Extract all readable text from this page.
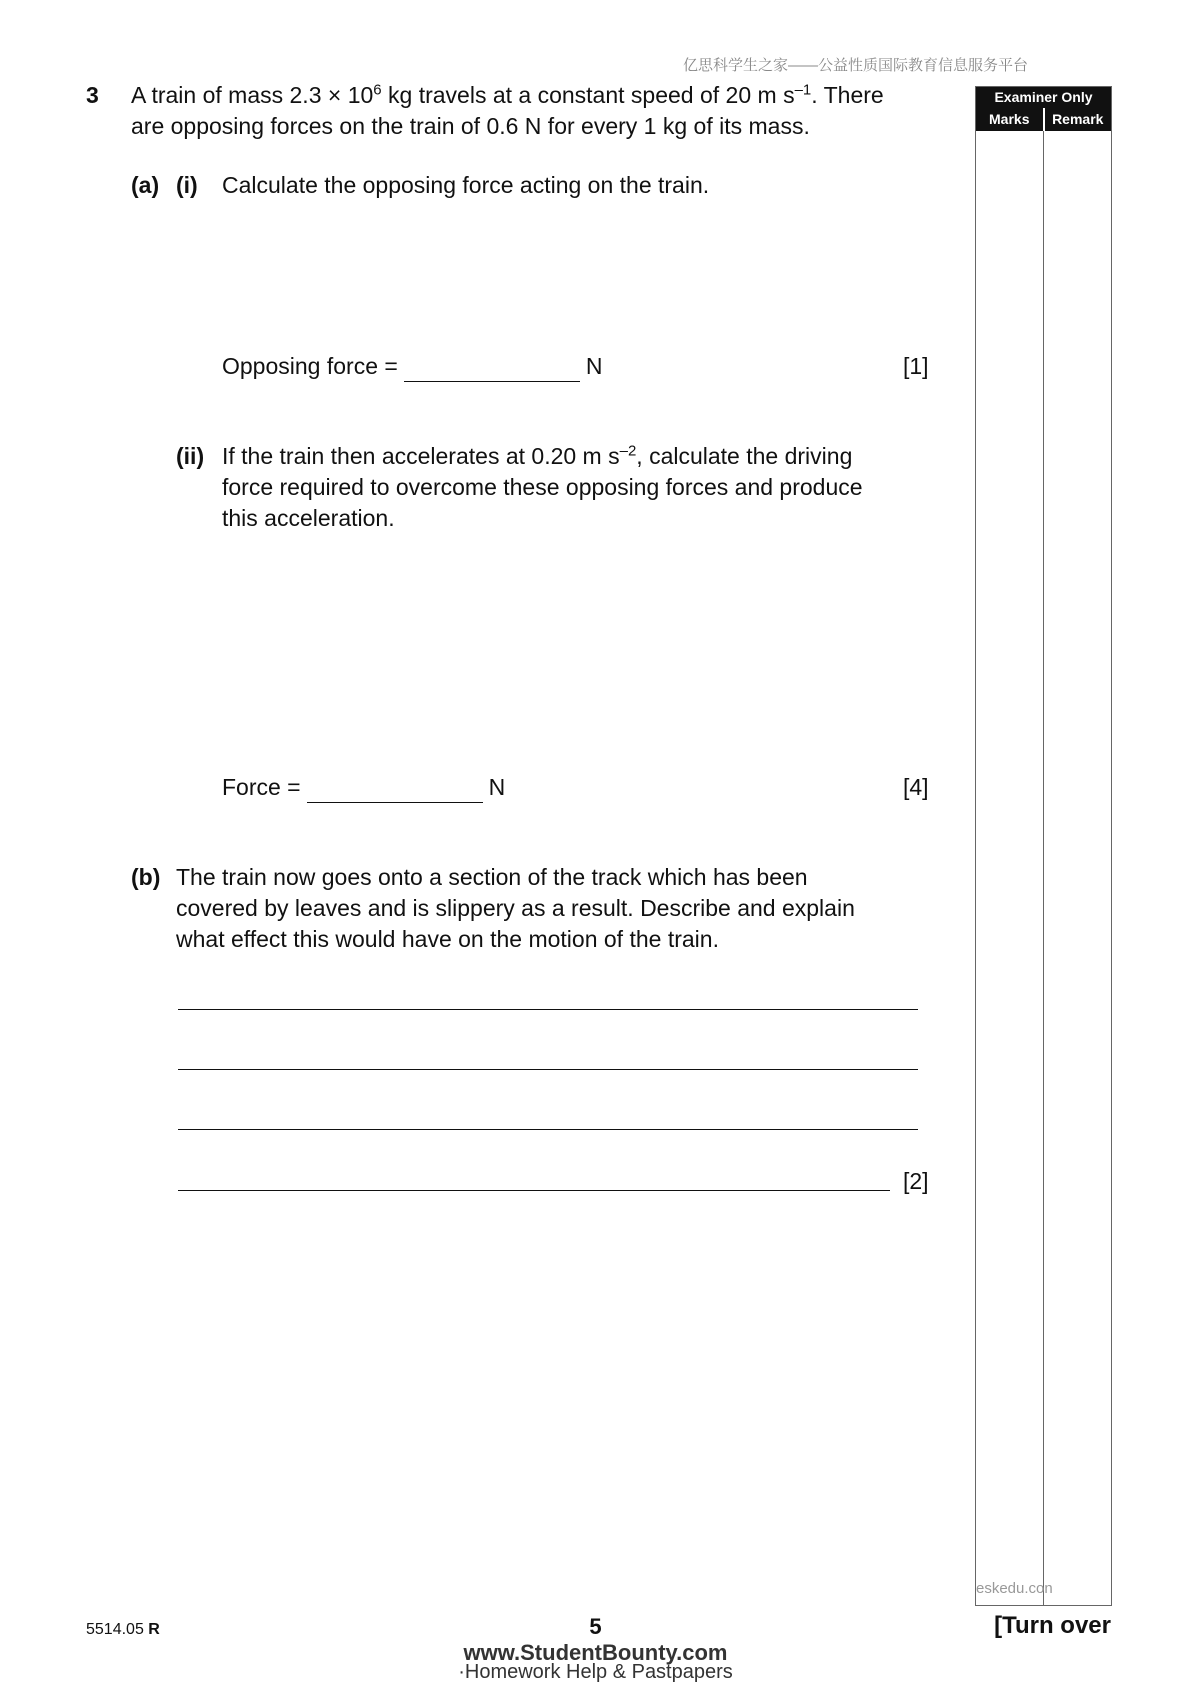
亿思科学生之家——公益性质国际教育信息服务平台
3 A train of mass $2.3 \times 10^6$ kg travels at a constant speed of 20 m $s^{-1}$. There
are opposing forces on the train of 0.6 N for every 1 kg of its mass.
(a) (i) Calculate the opposing force acting on the train.
Opposing force =	N	[1]
(ii) If the train then accelerates at 0.20 m $s^{-2}$, calculate the driving
force required to overcome these opposing forces and produce
this acceleration.
Force =	N	[4]
(b) The train now goes onto a section of the track which has been
covered by leaves and is slippery as a result. Describe and explain
what effect this would have on the motion of the train.
[2]
Examiner Only
Marks	Remark
eskedu.con
5514.05 R	5	[Turn over
www.StudentBounty.com
·Homework Help & Pastpapers
